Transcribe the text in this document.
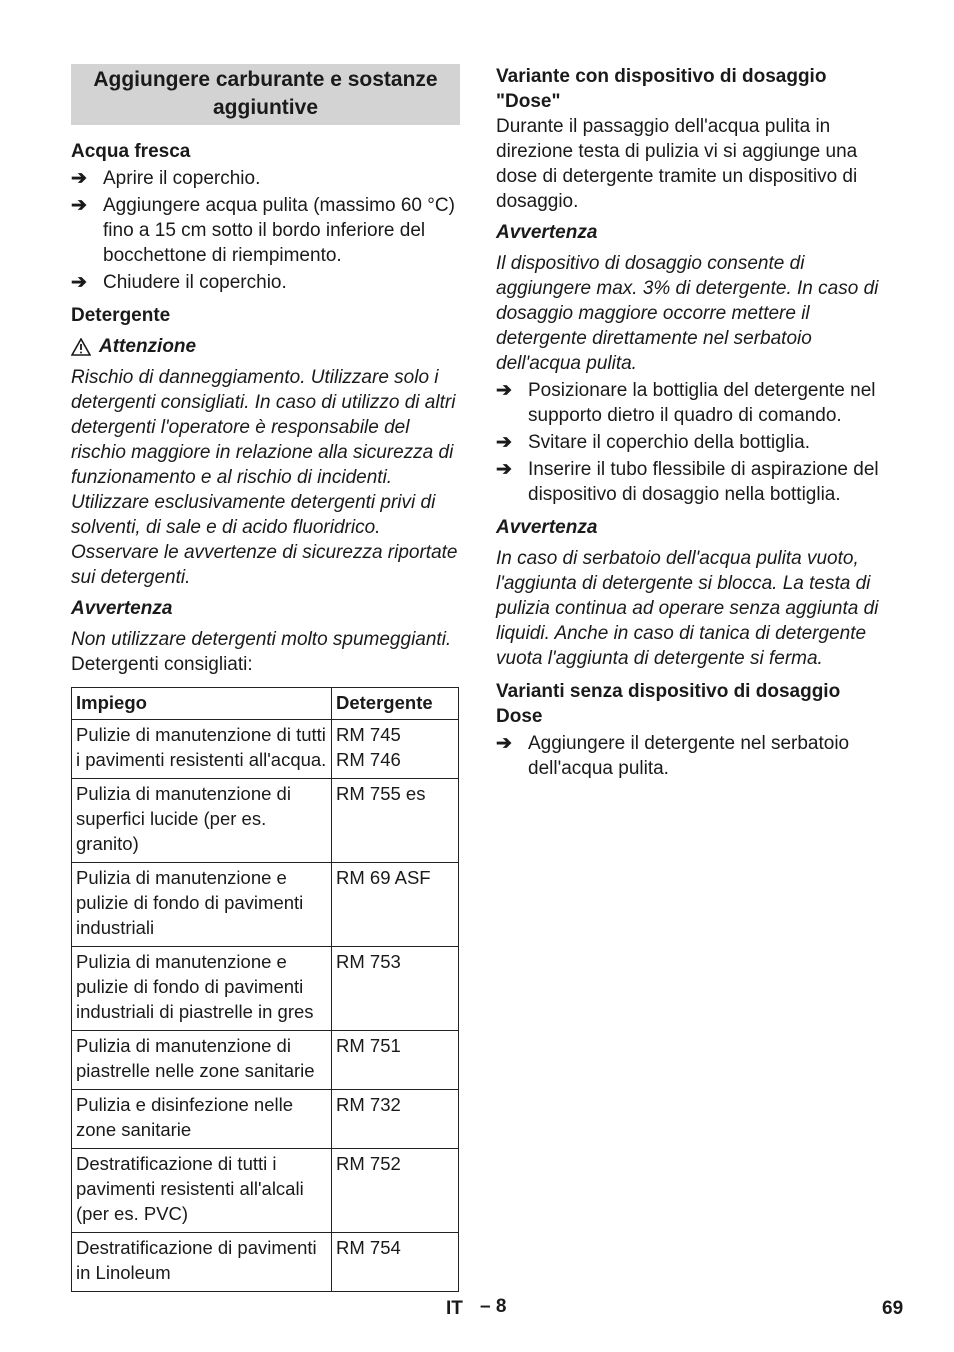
Aggiungere carburante e sostanze aggiuntive

Acqua fresca

➔ Aprire il coperchio.
➔ Aggiungere acqua pulita (massimo 60 °C) fino a 15 cm sotto il bordo inferiore del bocchettone di riempimento.
➔ Chiudere il coperchio.

Detergente

Attenzione

Rischio di danneggiamento. Utilizzare solo i detergenti consigliati. In caso di utilizzo di altri detergenti l'operatore è responsabile del rischio maggiore in relazione alla sicurezza di funzionamento e al rischio di incidenti.

Utilizzare esclusivamente detergenti privi di solventi, di sale e di acido fluoridrico.

Osservare le avvertenze di sicurezza riportate sui detergenti.

Avvertenza

Non utilizzare detergenti molto spumeggianti.

Detergenti consigliati:

Impiego	Detergente
Pulizie di manutenzione di tutti i pavimenti resistenti all'acqua.	RM 745
RM 746

Pulizia di manutenzione di superfici lucide (per es. granito)	RM 755 es
Pulizia di manutenzione e pulizie di fondo di pavimenti industriali	RM 69 ASF
Pulizia di manutenzione e pulizie di fondo di pavimenti industriali di piastrelle in gres	RM 753
Pulizia di manutenzione di piastrelle nelle zone sanitarie	RM 751
Pulizia e disinfezione nelle zone sanitarie	RM 732
Destratificazione di tutti i pavimenti resistenti all'alcali (per es. PVC)	RM 752
Destratificazione di pavimenti in Linoleum	RM 754

Variante con dispositivo di dosaggio "Dose"

Durante il passaggio dell'acqua pulita in direzione testa di pulizia vi si aggiunge una dose di detergente tramite un dispositivo di dosaggio.

Avvertenza

Il dispositivo di dosaggio consente di aggiungere max. 3% di detergente. In caso di dosaggio maggiore occorre mettere il detergente direttamente nel serbatoio dell'acqua pulita.

➔ Posizionare la bottiglia del detergente nel supporto dietro il quadro di comando.
➔ Svitare il coperchio della bottiglia.
➔ Inserire il tubo flessibile di aspirazione del dispositivo di dosaggio nella bottiglia.

Avvertenza

In caso di serbatoio dell'acqua pulita vuoto, l'aggiunta di detergente si blocca. La testa di pulizia continua ad operare senza aggiunta di liquidi. Anche in caso di tanica di detergente vuota l'aggiunta di detergente si ferma.

Varianti senza dispositivo di dosaggio Dose

➔ Aggiungere il detergente nel serbatoio dell'acqua pulita.
IT – 8	69
